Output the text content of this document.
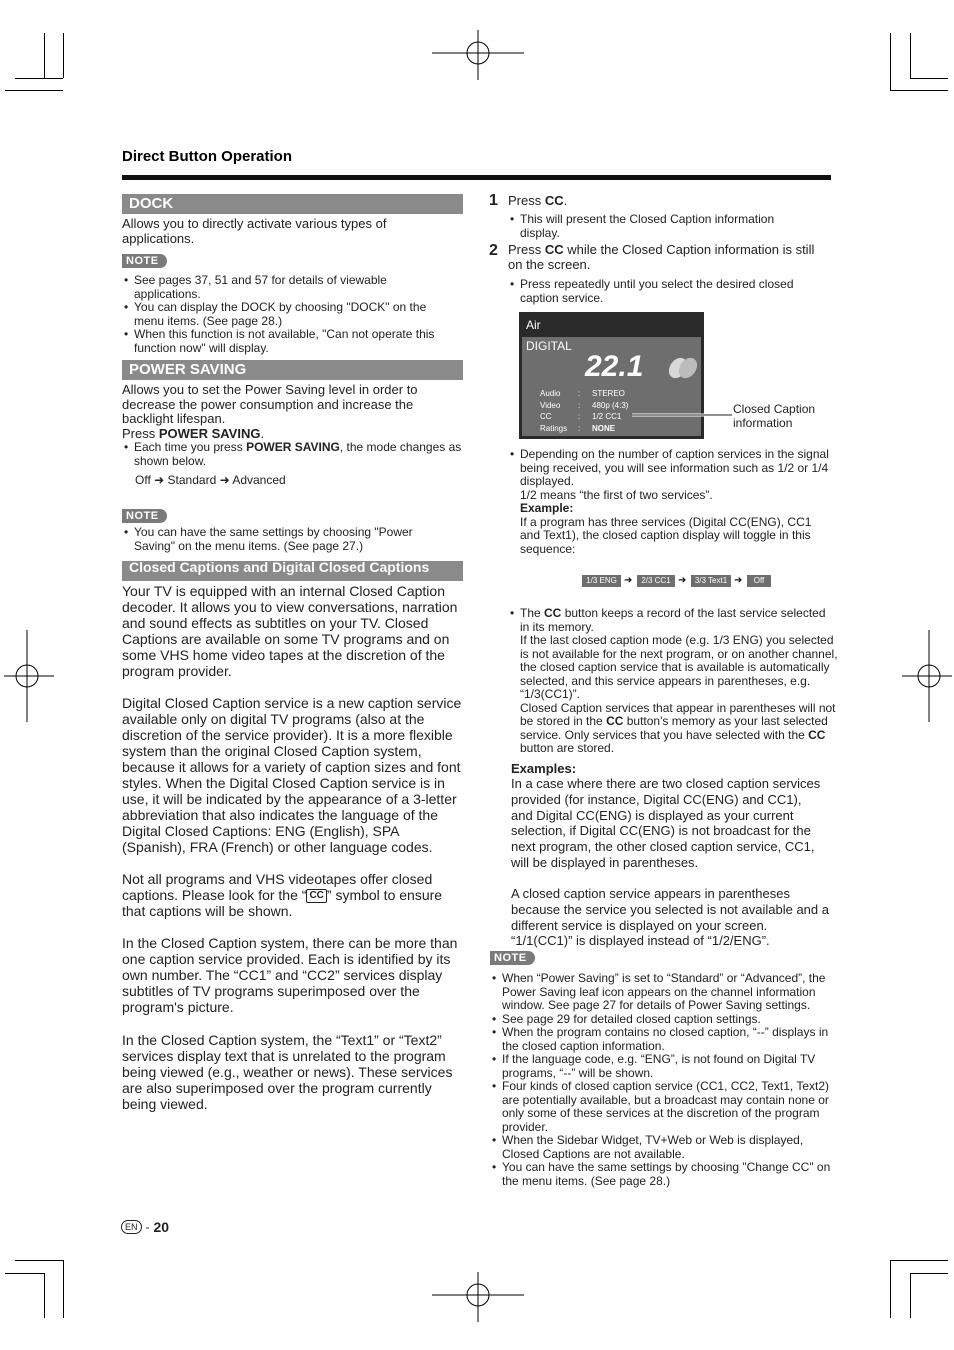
Direct Button Operation
DOCK
Allows you to directly activate various types of applications.
NOTE
• See pages 37, 51 and 57 for details of viewable applications.
• You can display the DOCK by choosing "DOCK" on the menu items. (See page 28.)
• When this function is not available, "Can not operate this function now" will display.
POWER SAVING
Allows you to set the Power Saving level in order to decrease the power consumption and increase the backlight lifespan.
Press POWER SAVING.
• Each time you press POWER SAVING, the mode changes as shown below.
Off ➜ Standard ➜ Advanced
NOTE
• You can have the same settings by choosing "Power Saving" on the menu items. (See page 27.)
Closed Captions and Digital Closed Captions
Your TV is equipped with an internal Closed Caption decoder. It allows you to view conversations, narration and sound effects as subtitles on your TV. Closed Captions are available on some TV programs and on some VHS home video tapes at the discretion of the program provider.
Digital Closed Caption service is a new caption service available only on digital TV programs (also at the discretion of the service provider). It is a more flexible system than the original Closed Caption system, because it allows for a variety of caption sizes and font styles. When the Digital Closed Caption service is in use, it will be indicated by the appearance of a 3-letter abbreviation that also indicates the language of the Digital Closed Captions: ENG (English), SPA (Spanish), FRA (French) or other language codes.
Not all programs and VHS videotapes offer closed captions. Please look for the “ CC ” symbol to ensure that captions will be shown.
In the Closed Caption system, there can be more than one caption service provided. Each is identified by its own number. The “CC1” and “CC2” services display subtitles of TV programs superimposed over the program's picture.
In the Closed Caption system, the “Text1” or “Text2” services display text that is unrelated to the program being viewed (e.g., weather or news). These services are also superimposed over the program currently being viewed.
1 Press CC.
• This will present the Closed Caption information display.
2 Press CC while the Closed Caption information is still on the screen.
• Press repeatedly until you select the desired closed caption service.
Air
DIGITAL
22.1
Audio : STEREO
Video : 480p (4:3)
CC	: 1/2 CC1
Ratings : NONE
Closed Caption information
• Depending on the number of caption services in the signal being received, you will see information such as 1/2 or 1/4 displayed.
1/2 means “the first of two services”.
Example:
If a program has three services (Digital CC(ENG), CC1 and Text1), the closed caption display will toggle in this sequence:
1/3 ENG ➜	2/3 CC1 ➜	3/3 Text1 ➜	Off
• The CC button keeps a record of the last service selected in its memory.
If the last closed caption mode (e.g. 1/3 ENG) you selected is not available for the next program, or on another channel, the closed caption service that is available is automatically selected, and this service appears in parentheses, e.g. “1/3(CC1)”.
Closed Caption services that appear in parentheses will not be stored in the CC button's memory as your last selected service. Only services that you have selected with the CC button are stored.
Examples:
In a case where there are two closed caption services provided (for instance, Digital CC(ENG) and CC1), and Digital CC(ENG) is displayed as your current selection, if Digital CC(ENG) is not broadcast for the next program, the other closed caption service, CC1, will be displayed in parentheses.
A closed caption service appears in parentheses because the service you selected is not available and a different service is displayed on your screen. “1/1(CC1)” is displayed instead of “1/2/ENG”.
NOTE
• When “Power Saving” is set to “Standard” or “Advanced”, the Power Saving leaf icon appears on the channel information window. See page 27 for details of Power Saving settings.
• See page 29 for detailed closed caption settings.
• When the program contains no closed caption, “--” displays in the closed caption information.
• If the language code, e.g. “ENG”, is not found on Digital TV programs, “--” will be shown.
• Four kinds of closed caption service (CC1, CC2, Text1, Text2) are potentially available, but a broadcast may contain none or only some of these services at the discretion of the program provider.
• When the Sidebar Widget, TV+Web or Web is displayed, Closed Captions are not available.
• You can have the same settings by choosing "Change CC" on the menu items. (See page 28.)
EN - 20
